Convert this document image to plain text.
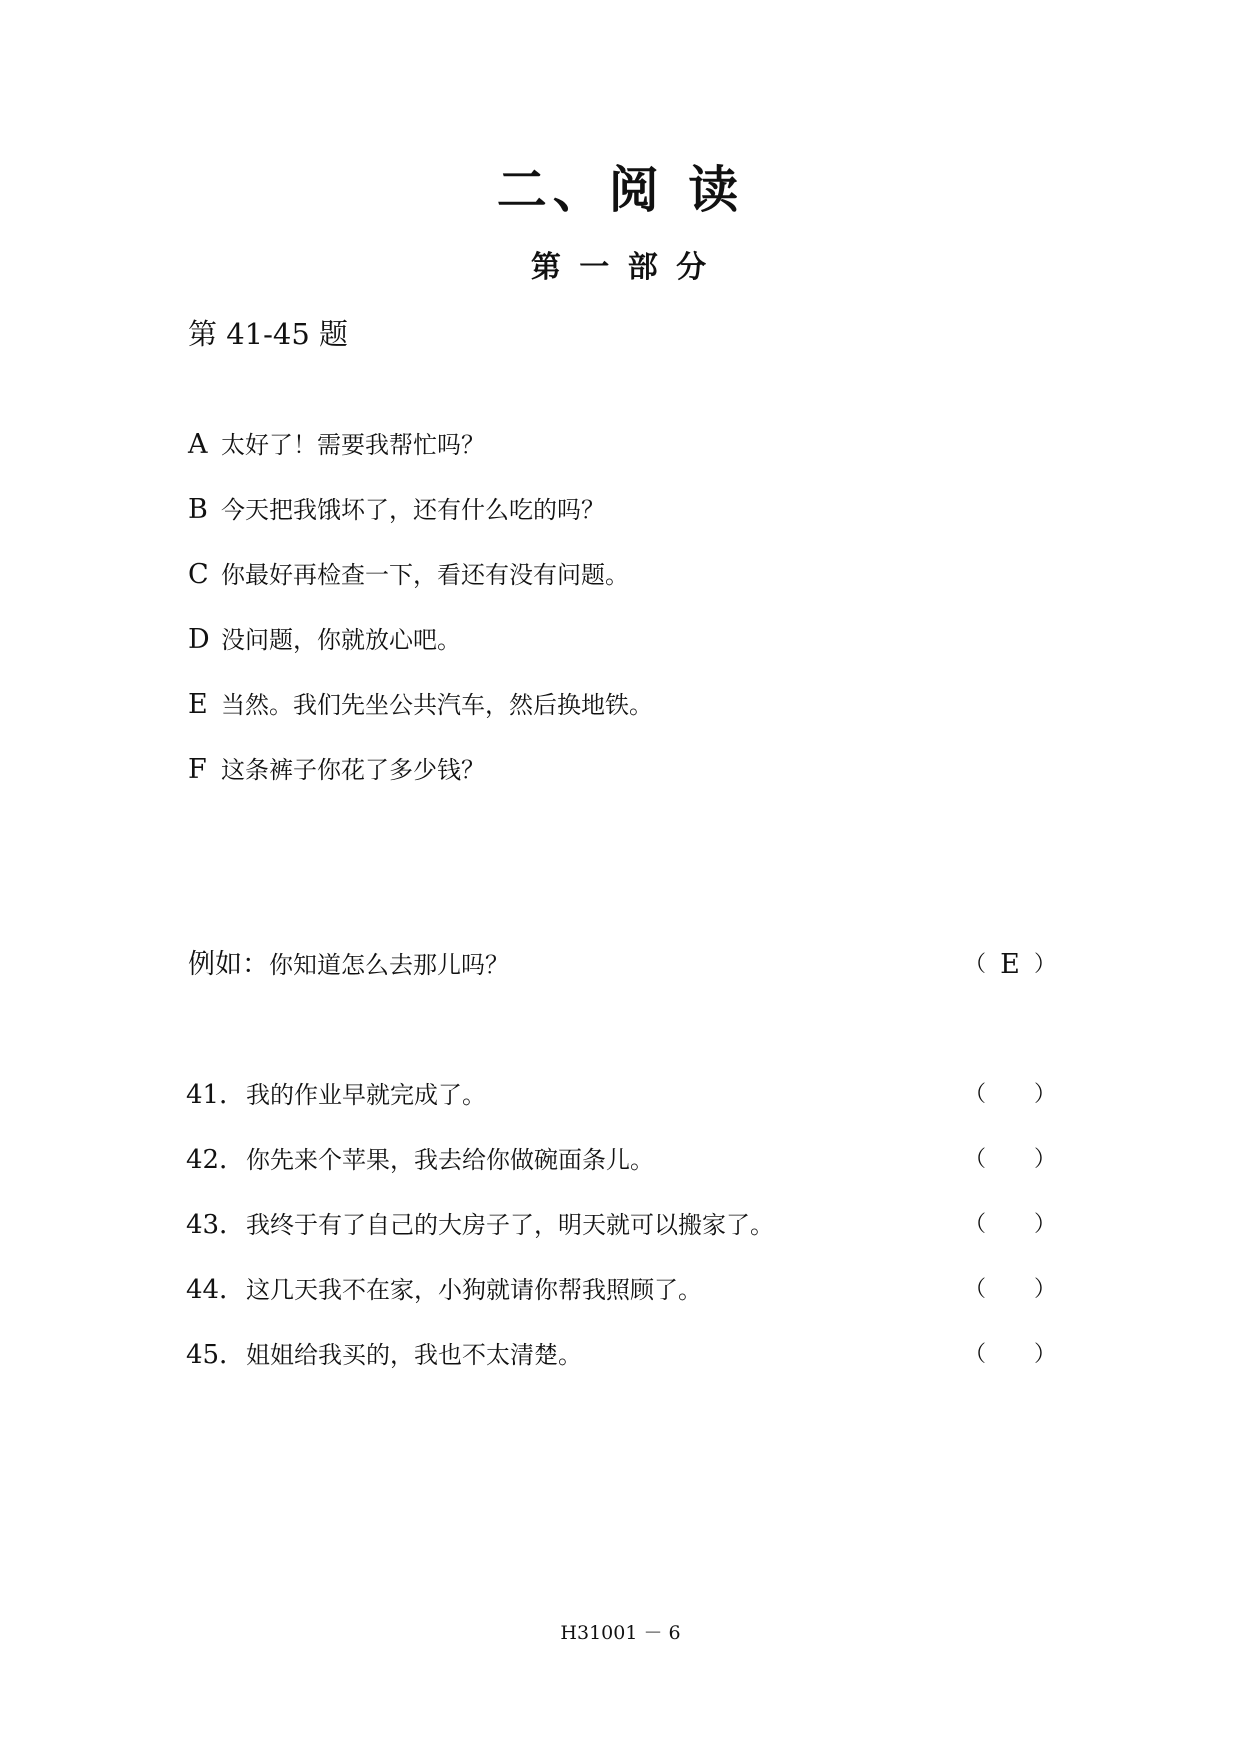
二、阅 读
第 一 部 分
第 41-45 题
A 太好了！需要我帮忙吗？
B 今天把我饿坏了，还有什么吃的吗？
C 你最好再检查一下，看还有没有问题。
D 没问题，你就放心吧。
E 当然。我们先坐公共汽车，然后换地铁。
F 这条裤子你花了多少钱？
例如：你知道怎么去那儿吗？	（ E ）
41．我的作业早就完成了。	（ ）
42．你先来个苹果，我去给你做碗面条儿。	（ ）
43．我终于有了自己的大房子了，明天就可以搬家了。	（ ）
44．这几天我不在家，小狗就请你帮我照顾了。	（ ）
45．姐姐给我买的，我也不太清楚。	（ ）
H31001 － 6
